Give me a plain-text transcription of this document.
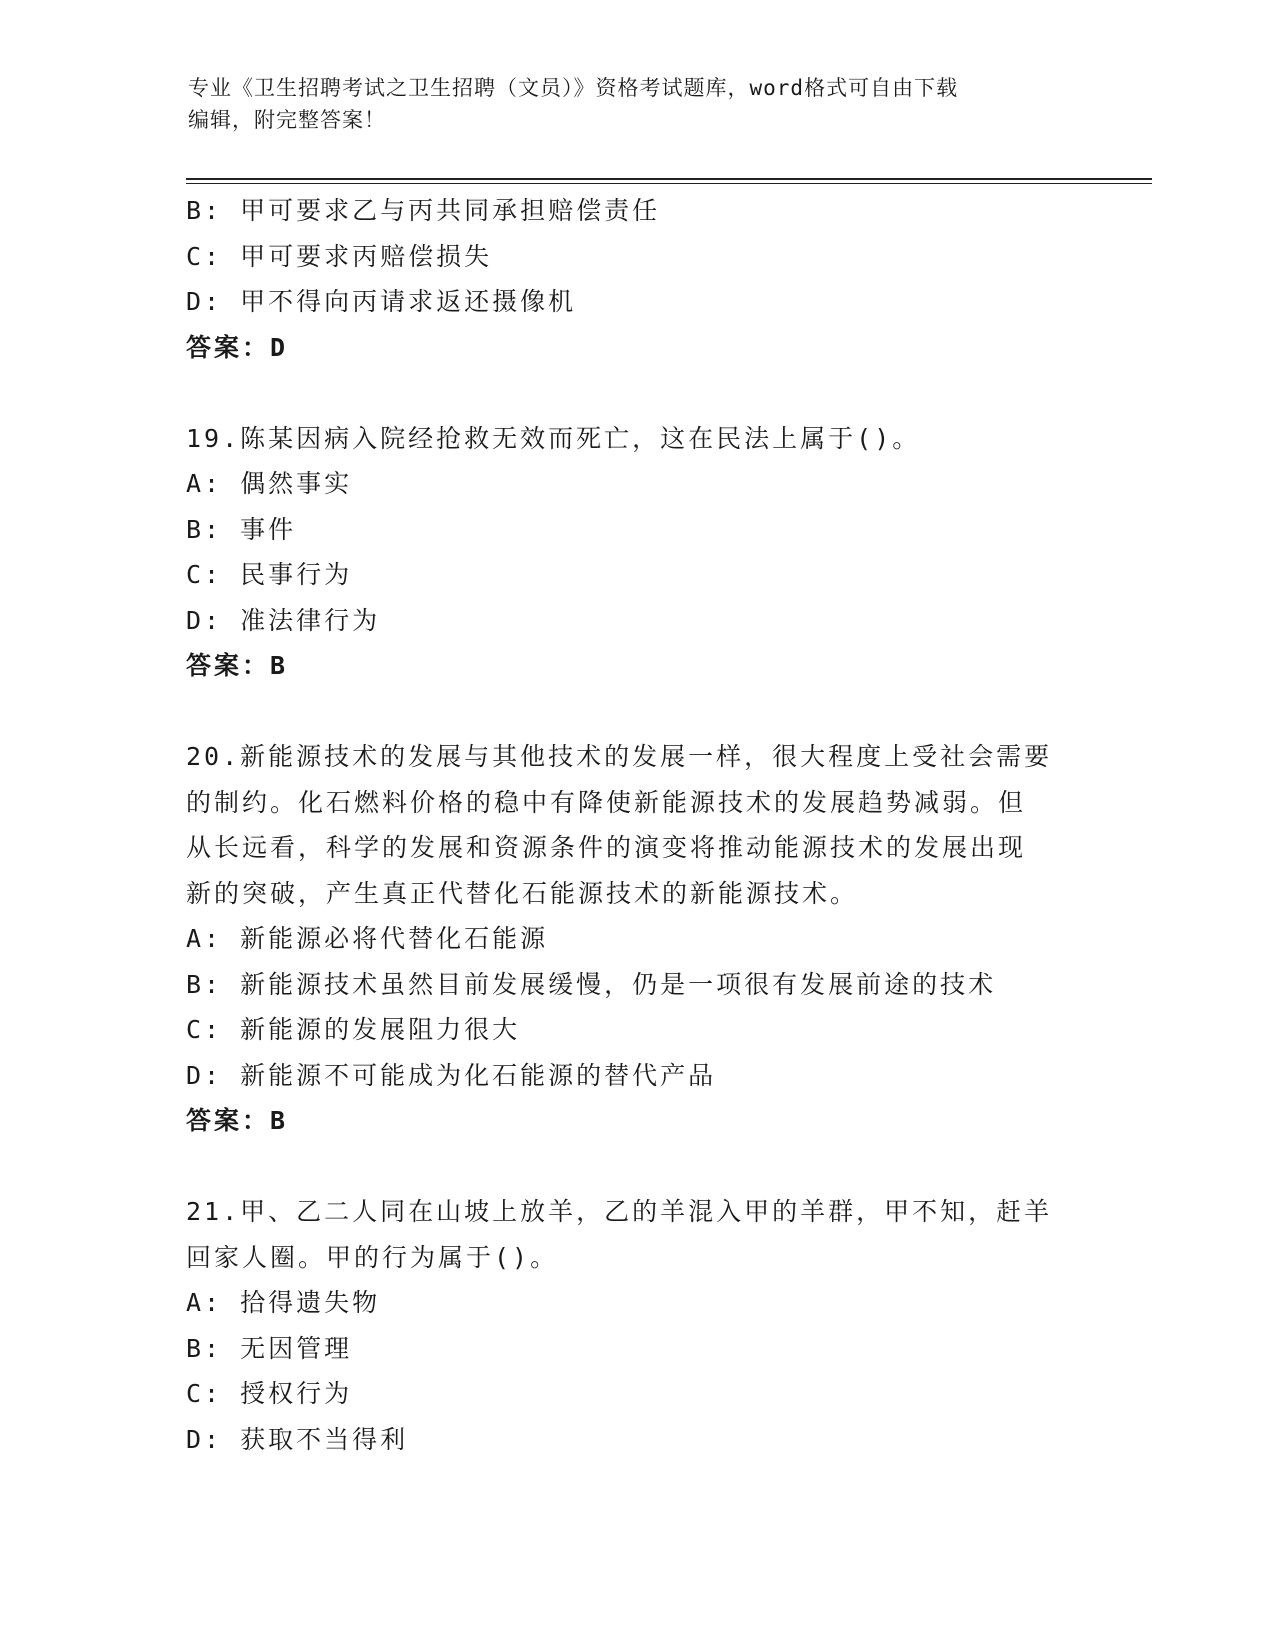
专业《卫生招聘考试之卫生招聘（文员）》资格考试题库，word格式可自由下载
编辑，附完整答案！
B: 甲可要求乙与丙共同承担赔偿责任
C: 甲可要求丙赔偿损失
D: 甲不得向丙请求返还摄像机
答案：D
19.陈某因病入院经抢救无效而死亡，这在民法上属于()。
A: 偶然事实
B: 事件
C: 民事行为
D: 准法律行为
答案：B
20.新能源技术的发展与其他技术的发展一样，很大程度上受社会需要
的制约。化石燃料价格的稳中有降使新能源技术的发展趋势减弱。但
从长远看，科学的发展和资源条件的演变将推动能源技术的发展出现
新的突破，产生真正代替化石能源技术的新能源技术。
A: 新能源必将代替化石能源
B: 新能源技术虽然目前发展缓慢，仍是一项很有发展前途的技术
C: 新能源的发展阻力很大
D: 新能源不可能成为化石能源的替代产品
答案：B
21.甲、乙二人同在山坡上放羊，乙的羊混入甲的羊群，甲不知，赶羊
回家人圈。甲的行为属于()。
A: 拾得遗失物
B: 无因管理
C: 授权行为
D: 获取不当得利
